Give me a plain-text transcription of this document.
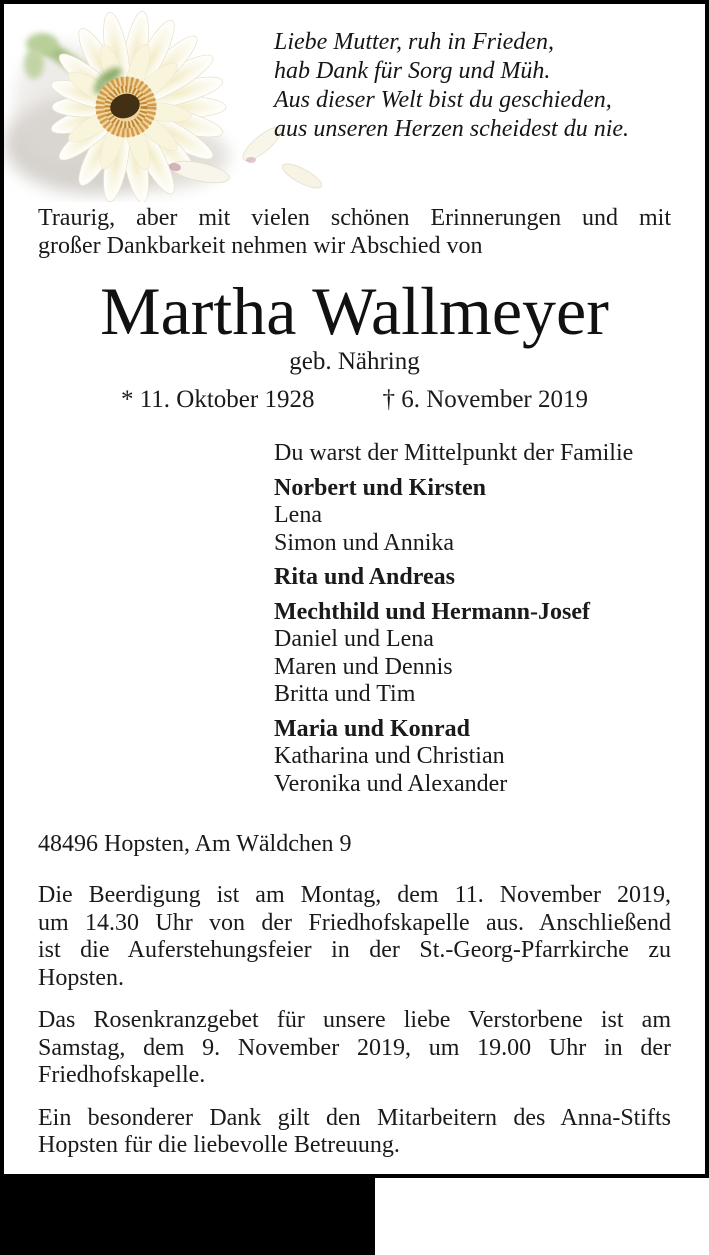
Liebe Mutter, ruh in Frieden,
hab Dank für Sorg und Müh.
Aus dieser Welt bist du geschieden,
aus unseren Herzen scheidest du nie.
Traurig, aber mit vielen schönen Erinnerungen und mit
großer Dankbarkeit nehmen wir Abschied von
Martha Wallmeyer
geb. Nähring
* 11. Oktober 1928	† 6. November 2019
Du warst der Mittelpunkt der Familie
Norbert und Kirsten
Lena
Simon und Annika
Rita und Andreas
Mechthild und Hermann-Josef
Daniel und Lena
Maren und Dennis
Britta und Tim
Maria und Konrad
Katharina und Christian
Veronika und Alexander
48496 Hopsten, Am Wäldchen 9

Die Beerdigung ist am Montag, dem 11. November 2019,
um 14.30 Uhr von der Friedhofskapelle aus. Anschließend
ist die Auferstehungsfeier in der St.-Georg-Pfarrkirche zu
Hopsten.

Das Rosenkranzgebet für unsere liebe Verstorbene ist am
Samstag, dem 9. November 2019, um 19.00 Uhr in der
Friedhofskapelle.

Ein besonderer Dank gilt den Mitarbeitern des Anna-Stifts
Hopsten für die liebevolle Betreuung.
